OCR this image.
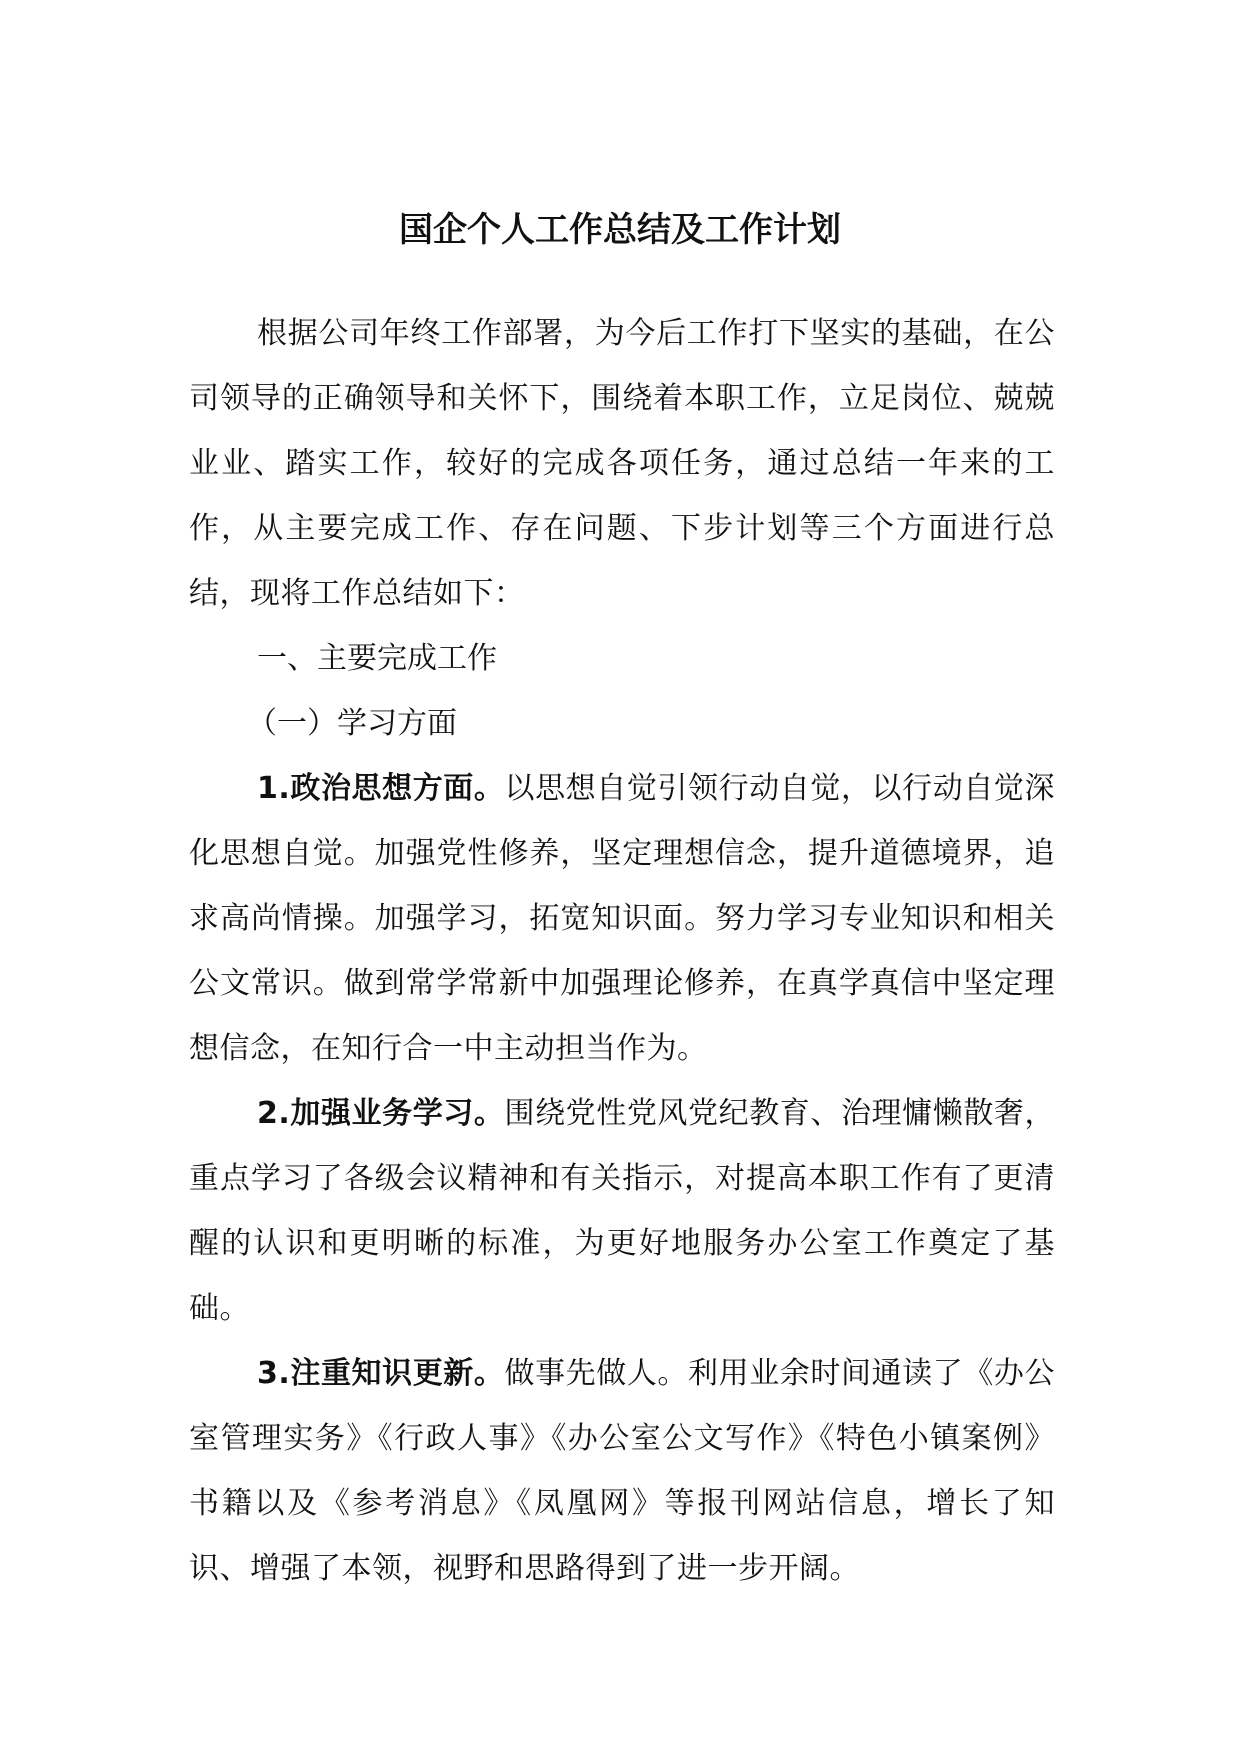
国企个人工作总结及工作计划

根据公司年终工作部署，为今后工作打下坚实的基础，在公司领导的正确领导和关怀下，围绕着本职工作，立足岗位、兢兢业业、踏实工作，较好的完成各项任务，通过总结一年来的工作，从主要完成工作、存在问题、下步计划等三个方面进行总结，现将工作总结如下：

一、主要完成工作

（一）学习方面

1.政治思想方面。以思想自觉引领行动自觉，以行动自觉深化思想自觉。加强党性修养，坚定理想信念，提升道德境界，追求高尚情操。加强学习，拓宽知识面。努力学习专业知识和相关公文常识。做到常学常新中加强理论修养，在真学真信中坚定理想信念，在知行合一中主动担当作为。

2.加强业务学习。围绕党性党风党纪教育、治理慵懒散奢，重点学习了各级会议精神和有关指示，对提高本职工作有了更清醒的认识和更明晰的标准，为更好地服务办公室工作奠定了基础。

3.注重知识更新。做事先做人。利用业余时间通读了《办公室管理实务》《行政人事》《办公室公文写作》《特色小镇案例》书籍以及《参考消息》《凤凰网》等报刊网站信息，增长了知识、增强了本领，视野和思路得到了进一步开阔。
